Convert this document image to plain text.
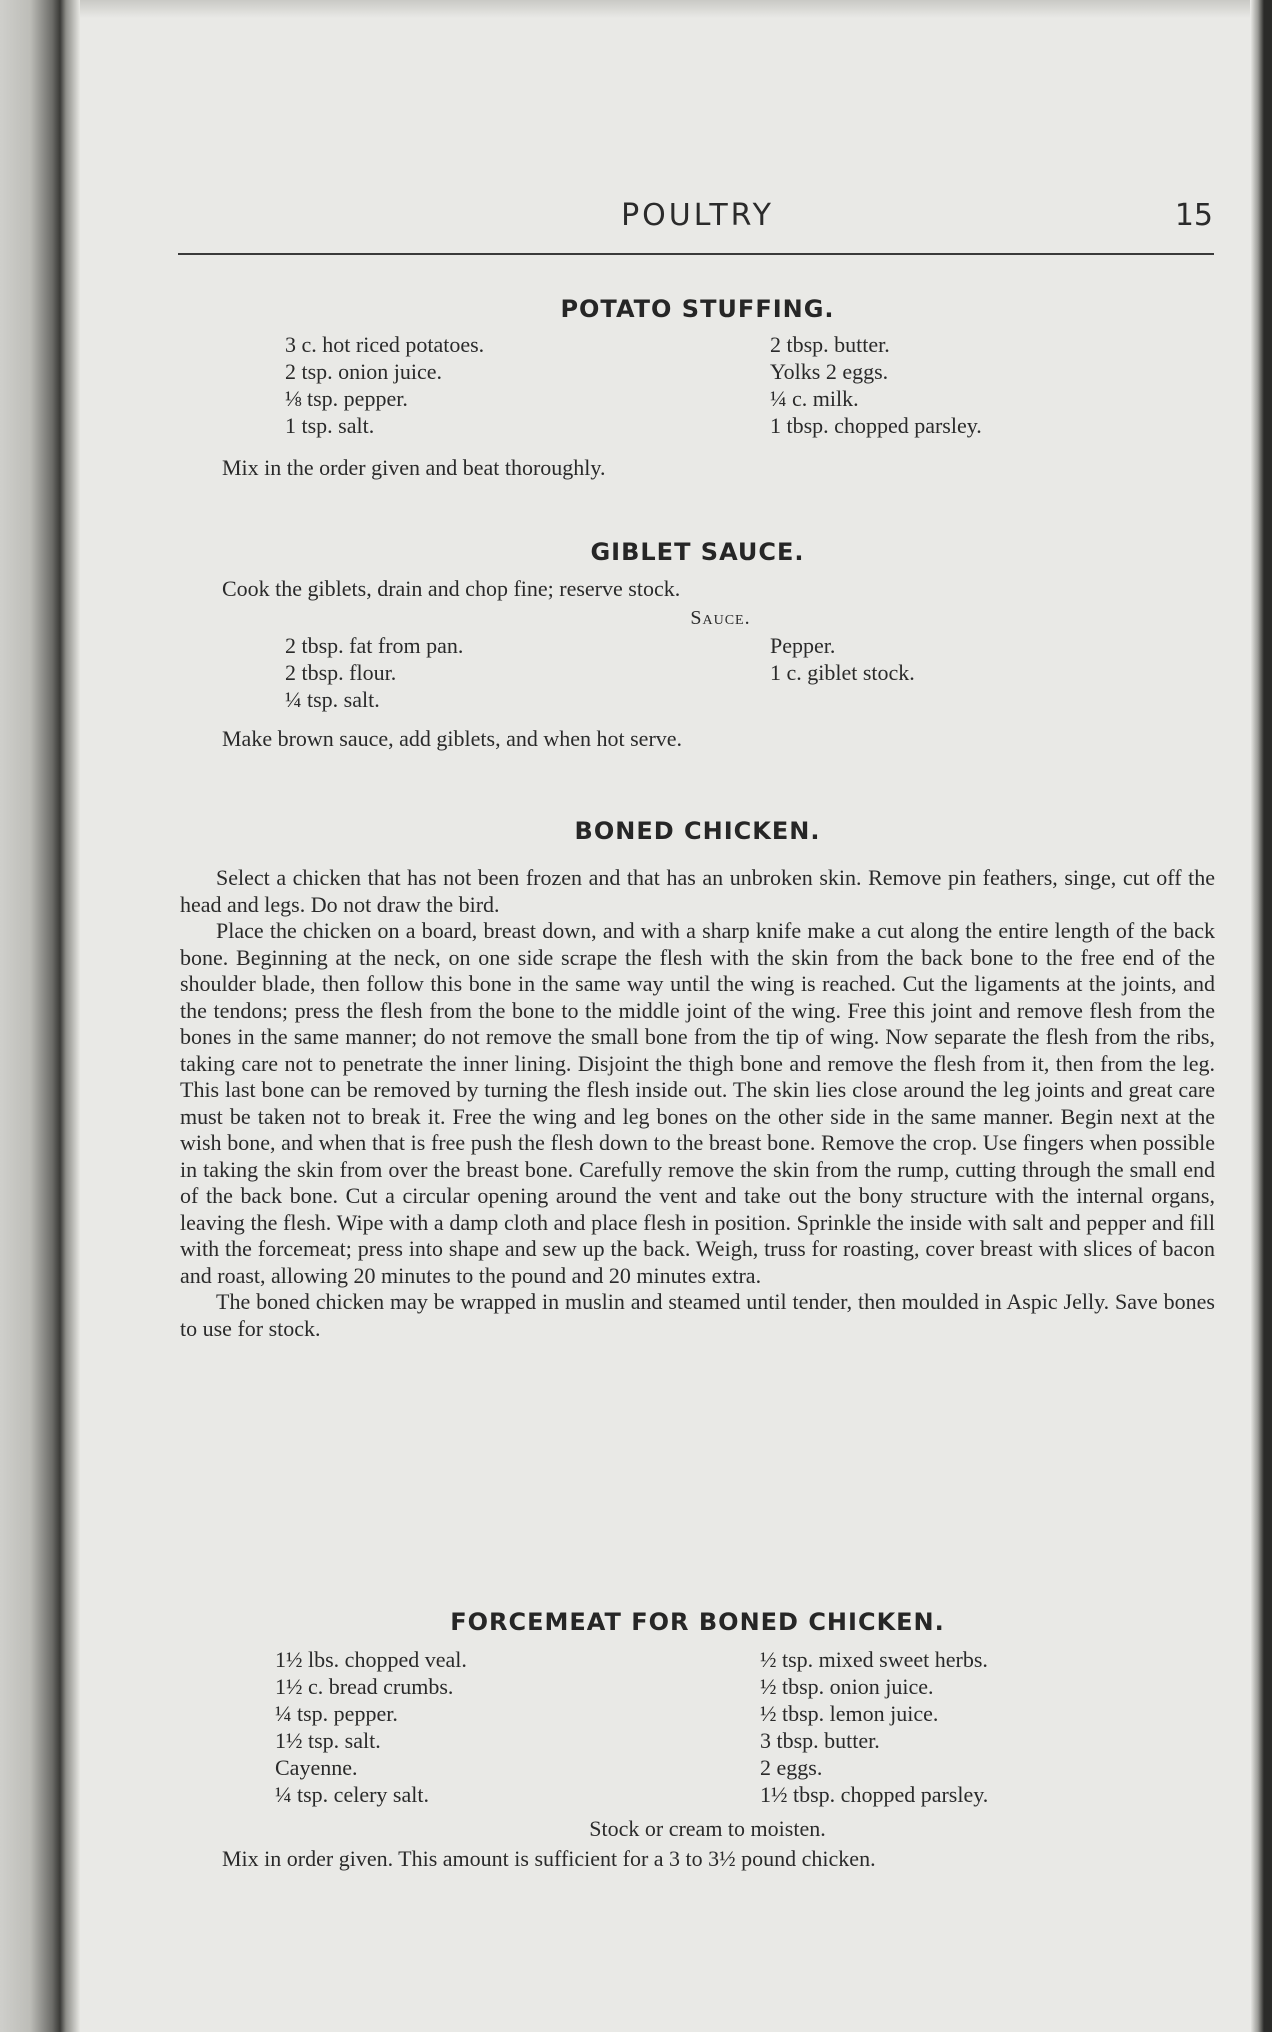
POULTRY	15
POTATO STUFFING.
3 c. hot riced potatoes.
2 tsp. onion juice.
⅛ tsp. pepper.
1 tsp. salt.
2 tbsp. butter.
Yolks 2 eggs.
¼ c. milk.
1 tbsp. chopped parsley.
Mix in the order given and beat thoroughly.
GIBLET SAUCE.
Cook the giblets, drain and chop fine; reserve stock.
Sauce.
2 tbsp. fat from pan.
2 tbsp. flour.
¼ tsp. salt.
Pepper.
1 c. giblet stock.
Make brown sauce, add giblets, and when hot serve.
BONED CHICKEN.
Select a chicken that has not been frozen and that has an unbroken skin. Remove pin feathers, singe, cut off the head and legs. Do not draw the bird.
Place the chicken on a board, breast down, and with a sharp knife make a cut along the entire length of the back bone. Beginning at the neck, on one side scrape the flesh with the skin from the back bone to the free end of the shoulder blade, then follow this bone in the same way until the wing is reached. Cut the ligaments at the joints, and the tendons; press the flesh from the bone to the middle joint of the wing. Free this joint and remove flesh from the bones in the same manner; do not remove the small bone from the tip of wing. Now separate the flesh from the ribs, taking care not to penetrate the inner lining. Disjoint the thigh bone and remove the flesh from it, then from the leg. This last bone can be removed by turning the flesh inside out. The skin lies close around the leg joints and great care must be taken not to break it. Free the wing and leg bones on the other side in the same manner. Begin next at the wish bone, and when that is free push the flesh down to the breast bone. Remove the crop. Use fingers when possible in taking the skin from over the breast bone. Carefully remove the skin from the rump, cutting through the small end of the back bone. Cut a circular opening around the vent and take out the bony structure with the internal organs, leaving the flesh. Wipe with a damp cloth and place flesh in position. Sprinkle the inside with salt and pepper and fill with the forcemeat; press into shape and sew up the back. Weigh, truss for roasting, cover breast with slices of bacon and roast, allowing 20 minutes to the pound and 20 minutes extra.
The boned chicken may be wrapped in muslin and steamed until tender, then moulded in Aspic Jelly. Save bones to use for stock.
FORCEMEAT FOR BONED CHICKEN.
1½ lbs. chopped veal.
1½ c. bread crumbs.
¼ tsp. pepper.
1½ tsp. salt.
Cayenne.
¼ tsp. celery salt.
½ tsp. mixed sweet herbs.
½ tbsp. onion juice.
½ tbsp. lemon juice.
3 tbsp. butter.
2 eggs.
1½ tbsp. chopped parsley.
Stock or cream to moisten.
Mix in order given. This amount is sufficient for a 3 to 3½ pound chicken.
